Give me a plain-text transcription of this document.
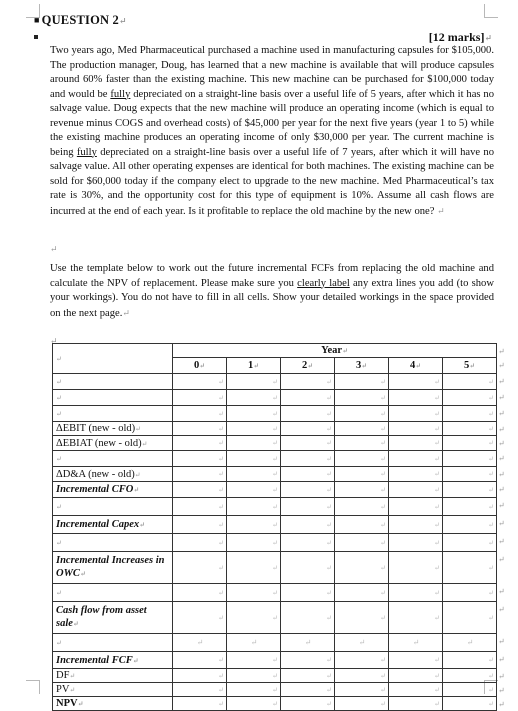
■ QUESTION 2↵
[12 marks]↵
Two years ago, Med Pharmaceutical purchased a machine used in manufacturing capsules for $105,000. The production manager, Doug, has learned that a new machine is available that will produce capsules around 60% faster than the existing machine. This new machine can be purchased for $100,000 today and would be fully depreciated on a straight-line basis over a useful life of 5 years, after which it has no salvage value. Doug expects that the new machine will produce an operating income (which is equal to revenue minus COGS and overhead costs) of $45,000 per year for the next five years (year 1 to 5) while the existing machine produces an operating income of only $30,000 per year. The current machine is being fully depreciated on a straight-line basis over a useful life of 7 years, after which it will have no salvage value. All other operating expenses are identical for both machines. The existing machine can be sold for $60,000 today if the company elect to upgrade to the new machine. Med Pharmaceutical’s tax rate is 30%, and the opportunity cost for this type of equipment is 10%. Assume all cash flows are incurred at the end of each year. Is it profitable to replace the old machine by the new one? ↵
↵
Use the template below to work out the future incremental FCFs from replacing the old machine and calculate the NPV of replacement. Please make sure you clearly label any extra lines you add (to show your workings). You do not have to fill in all cells. Show your detailed workings in the space provided on the next page.↵
↵
↵	Year↵					
	0↵	1↵	2↵	3↵	4↵	5↵
↵	↵	↵	↵	↵	↵	↵
↵	↵	↵	↵	↵	↵	↵
↵	↵	↵	↵	↵	↵	↵
ΔEBIT (new - old)↵	↵	↵	↵	↵	↵	↵
ΔEBIAT (new - old)↵	↵	↵	↵	↵	↵	↵
↵	↵	↵	↵	↵	↵	↵
ΔD&A (new - old)↵	↵	↵	↵	↵	↵	↵
Incremental CFO↵	↵	↵	↵	↵	↵	↵
↵	↵	↵	↵	↵	↵	↵
Incremental Capex↵	↵	↵	↵	↵	↵	↵
↵	↵	↵	↵	↵	↵	↵
Incremental Increases in OWC↵	↵	↵	↵	↵	↵	↵
↵	↵	↵	↵	↵	↵	↵
Cash flow from asset sale↵	↵	↵	↵	↵	↵	↵
↵	↵	↵	↵	↵	↵	↵
Incremental FCF↵	↵	↵	↵	↵	↵	↵
DF↵	↵	↵	↵	↵	↵	↵
PV↵	↵	↵	↵	↵	↵	↵
NPV↵	↵	↵	↵	↵	↵	↵
↵
↵
↵
↵
↵
↵
↵
↵
↵
↵
↵
↵
↵
↵
↵
↵
↵
↵
↵
↵
↵
